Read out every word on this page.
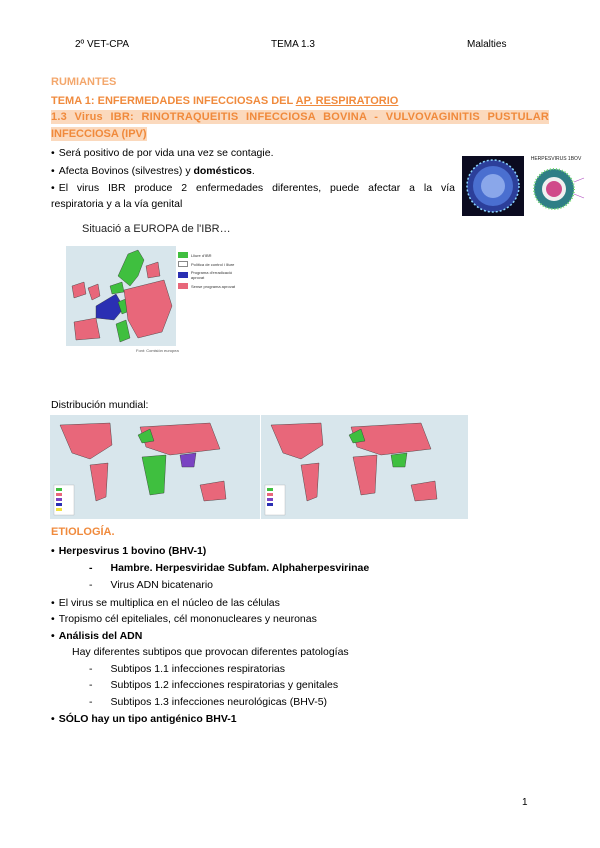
2º VET-CPA	TEMA 1.3	Malalties
RUMIANTES
TEMA 1: ENFERMEDADES INFECCIOSAS DEL AP. RESPIRATORIO
1.3 Virus IBR: RINOTRAQUEITIS INFECCIOSA BOVINA - VULVOVAGINITIS PUSTULAR
INFECCIOSA (IPV)
• Será positivo de por vida una vez se contagie.
• Afecta Bovinos (silvestres) y domésticos.
• El virus IBR produce 2 enfermedades diferentes, puede afectar a la vía
respiratoria y a la vía genital
HERPESVIRUS 1BOV
Situació a EUROPA de l'IBR…
Lliure d'IBR
Política de control i lliure
Programa d'erradicació aprovat
Sense programa aprovat
Font: Comisión europea
Distribución mundial:
ETIOLOGÍA.
• Herpesvirus 1 bovino (BHV-1)
- Hambre. Herpesviridae Subfam. Alphaherpesvirinae
- Virus ADN bicatenario
• El virus se multiplica en el núcleo de las células
• Tropismo cél epiteliales, cél mononucleares y neuronas
• Análisis del ADN
Hay diferentes subtipos que provocan diferentes patologías
- Subtipos 1.1 infecciones respiratorias
- Subtipos 1.2 infecciones respiratorias y genitales
- Subtipos 1.3 infecciones neurológicas (BHV-5)
• SÓLO hay un tipo antigénico BHV-1
1
